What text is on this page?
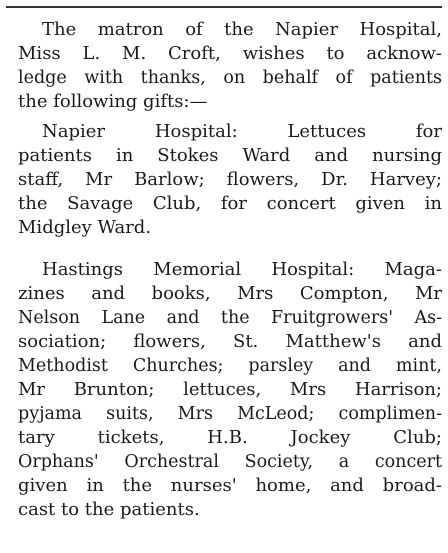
The matron of the Napier Hospital,
Miss L. M. Croft, wishes to acknow-
ledge with thanks, on behalf of patients
the following gifts:—
Napier Hospital: Lettuces for
patients in Stokes Ward and nursing
staff, Mr Barlow; flowers, Dr. Harvey;
the Savage Club, for concert given in
Midgley Ward.
Hastings Memorial Hospital: Maga-
zines and books, Mrs Compton, Mr
Nelson Lane and the Fruitgrowers' As-
sociation; flowers, St. Matthew's and
Methodist Churches; parsley and mint,
Mr Brunton; lettuces, Mrs Harrison;
pyjama suits, Mrs McLeod; complimen-
tary tickets, H.B. Jockey Club;
Orphans' Orchestral Society, a concert
given in the nurses' home, and broad-
cast to the patients.
